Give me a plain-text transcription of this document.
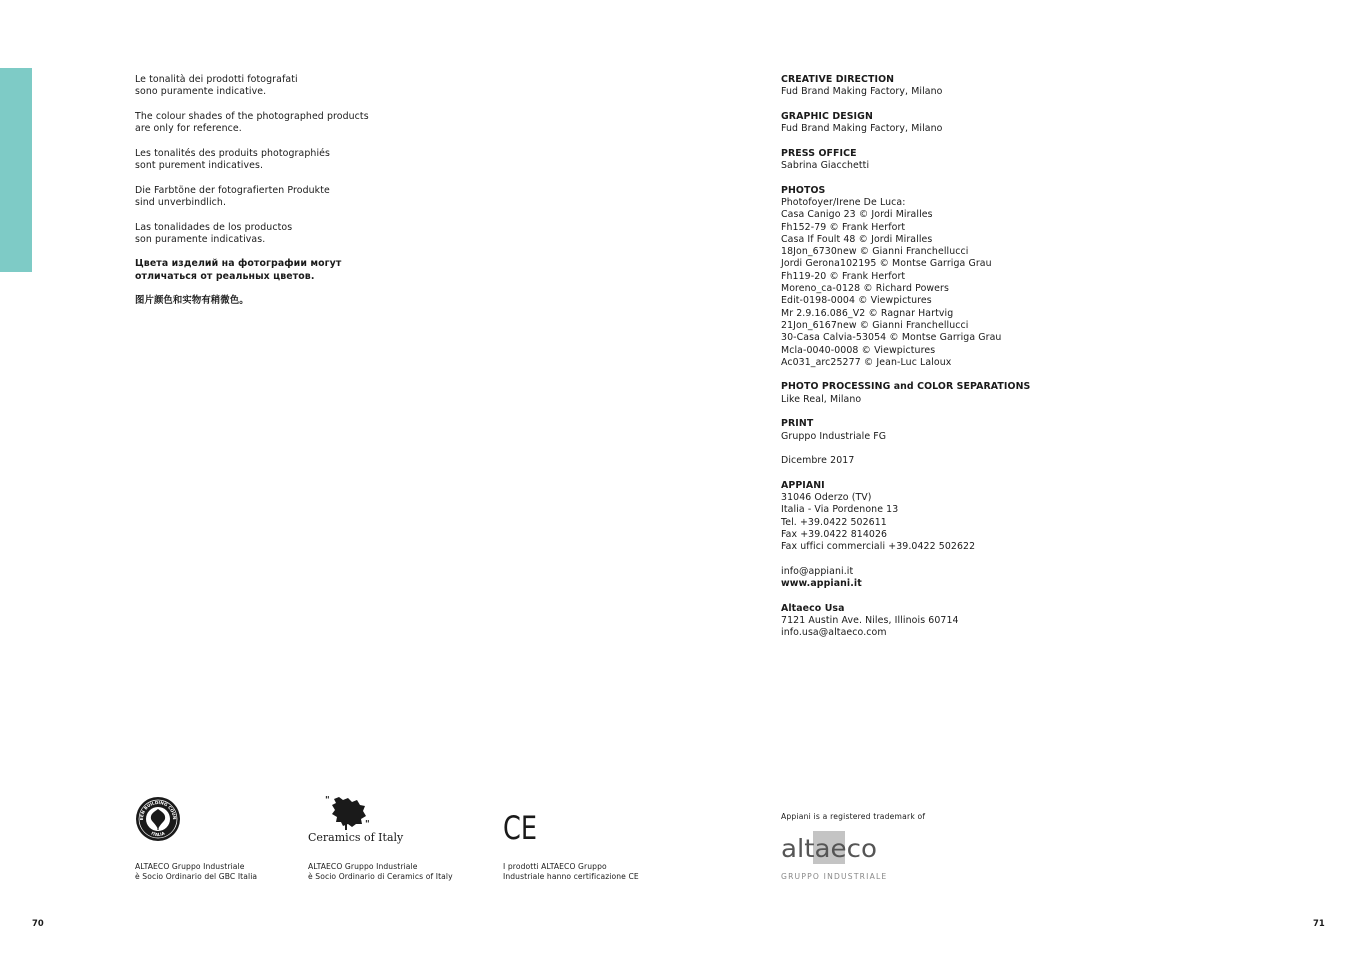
Le tonalità dei prodotti fotografati
sono puramente indicative.

The colour shades of the photographed products
are only for reference.

Les tonalités des produits photographiés
sont purement indicatives.

Die Farbtöne der fotografierten Produkte
sind unverbindlich.

Las tonalidades de los productos
son puramente indicativas.

Цвета изделий на фотографии могут
отличаться от реальных цветов.

图片颜色和实物有稍微色。

CREATIVE DIRECTION
Fud Brand Making Factory, Milano
GRAPHIC DESIGN
Fud Brand Making Factory, Milano
PRESS OFFICE
Sabrina Giacchetti
PHOTOS
Photofoyer/Irene De Luca:
Casa Canigo 23 © Jordi Miralles
Fh152-79 © Frank Herfort
Casa If Foult 48 © Jordi Miralles
18Jon_6730new © Gianni Franchellucci
Jordi Gerona102195 © Montse Garriga Grau
Fh119-20 © Frank Herfort
Moreno_ca-0128 © Richard Powers
Edit-0198-0004 © Viewpictures
Mr 2.9.16.086_V2 © Ragnar Hartvig
21Jon_6167new © Gianni Franchellucci
30-Casa Calvia-53054 © Montse Garriga Grau
Mcla-0040-0008 © Viewpictures
Ac031_arc25277 © Jean-Luc Laloux
PHOTO PROCESSING and COLOR SEPARATIONS
Like Real, Milano
PRINT
Gruppo Industriale FG
Dicembre 2017
APPIANI
31046 Oderzo (TV)
Italia - Via Pordenone 13
Tel. +39.0422 502611
Fax +39.0422 814026
Fax uffici commerciali +39.0422 502622
info@appiani.it
www.appiani.it
Altaeco Usa
7121 Austin Ave. Niles, Illinois 60714
info.usa@altaeco.com
EEN BUILDING COUN
ITALIA
ALTAECO Gruppo Industriale
è Socio Ordinario del GBC Italia
"
"
Ceramics of Italy
ALTAECO Gruppo Industriale
è Socio Ordinario di Ceramics of Italy
CE
I prodotti ALTAECO Gruppo
Industriale hanno certificazione CE
Appiani is a registered trademark of
altaeco
GRUPPO INDUSTRIALE
70	71
